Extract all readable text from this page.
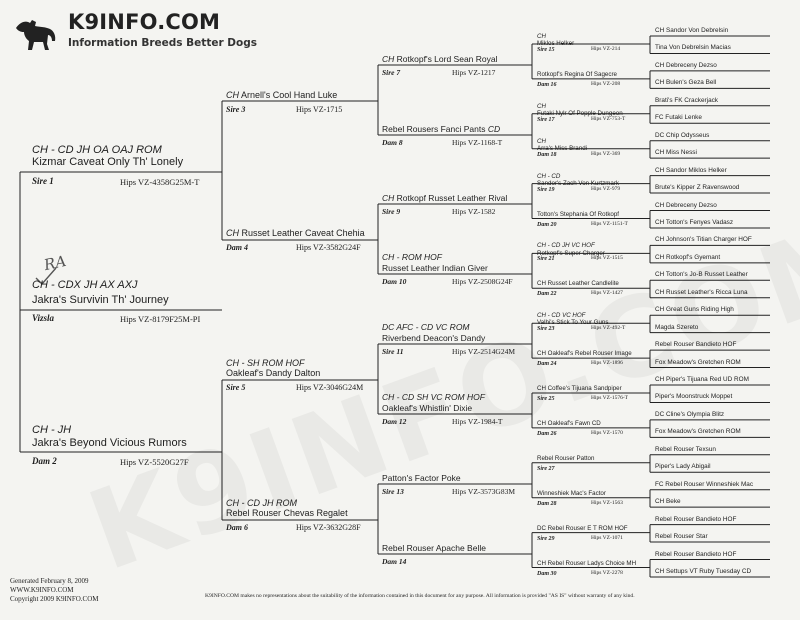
K9INFO.COM
Information Breeds Better Dogs
RA
CH - CDX JH AX AXJ
Jakra's Survivin Th' Journey
Vizsla	Hips VZ-8179F25M-PI
CH - CD JH OA OAJ ROM
Kizmar Caveat Only Th' Lonely
Sire 1	Hips VZ-4358G25M-T
CH - JH
Jakra's Beyond Vicious Rumors
Dam 2	Hips VZ-5520G27F
CH Arnell's Cool Hand Luke
Sire 3	Hips VZ-1715
CH Russet Leather Caveat Chehia
Dam 4	Hips VZ-3582G24F
CH - SH ROM HOF
Oakleaf's Dandy Dalton
Sire 5	Hips VZ-3046G24M
CH - CD JH ROM
Rebel Rouser Chevas Regalet
Dam 6	Hips VZ-3632G28F
CH Rotkopf's Lord Sean Royal
Sire 7	Hips VZ-1217
Rebel Rousers Fanci Pants CD
Dam 8	Hips VZ-1168-T
CH Rotkopf Russet Leather Rival
Sire 9	Hips VZ-1582
CH - ROM HOF
Russet Leather Indian Giver
Dam 10	Hips VZ-2508G24F
DC AFC - CD VC ROM
Riverbend Deacon's Dandy
Sire 11	Hips VZ-2514G24M
CH - CD SH VC ROM HOF
Oakleaf's Whistlin' Dixie
Dam 12	Hips VZ-1984-T
Patton's Factor Poke
Sire 13	Hips VZ-3573G83M
Rebel Rouser Apache Belle
Dam 14
CH
Miklos Helker
Sire 15	Hips VZ-214
Rotkopf's Regina Of Sagecre
Dam 16	Hips VZ-208
CH
Futaki Nylr Of Popple Dungeon
Sire 17	Hips VZ-753-T
CH
Arra's Miss Brandi
Dam 18	Hips VZ-369
CH - CD
Sandor's Zach Von Kurtzmark
Sire 19	Hips VZ-979
Totton's Stephania Of Rotkopf
Dam 20	Hips VZ-1151-T
CH - CD JH VC HOF
Rotkopf's Super Charger
Sire 21	Hips VZ-1515
CH Russet Leather Candlelite
Dam 22	Hips VZ-1427
CH - CD VC HOF
Valhi's Stick To Your Guns
Sire 23	Hips VZ-492-T
CH Oakleaf's Rebel Rouser Image
Dam 24	Hips VZ-1896
CH Coffee's Tijuana Sandpiper
Sire 25	Hips VZ-1576-T
CH Oakleaf's Fawn CD
Dam 26	Hips VZ-1570
Rebel Rouser Patton
Sire 27
Winneshiek Mac's Factor
Dam 28	Hips VZ-1563
DC Rebel Rouser E T ROM HOF
Sire 29	Hips VZ-1071
CH Rebel Rouser Ladys Choice MH
Dam 30	Hips VZ-2278
CH Sandor Von Debrelsin
Tina Von Debrelsin Macias
CH Debreceny Dezso
CH Bulen's Geza Bell
Brati's FK Crackerjack
FC Futaki Lenke
DC Chip Odysseus
CH Miss Nessi
CH Sandor Miklos Helker
Brute's Kipper Z Ravenswood
CH Debreceny Dezso
CH Totton's Fenyes Vadasz
CH Johnson's Titian Charger HOF
CH Rotkopf's Gyemant
CH Totton's Jo-B Russet Leather
CH Russet Leather's Ricca Luna
CH Great Guns Riding High
Magda Szereto
Rebel Rouser Bandieto HOF
Fox Meadow's Gretchen ROM
CH Piper's Tijuana Red UD ROM
Piper's Moonstruck Moppet
DC Cline's Olympia Blitz
Fox Meadow's Gretchen ROM
Rebel Rouser Texsun
Piper's Lady Abigail
FC Rebel Rouser Winneshiek Mac
CH Beke
Rebel Rouser Bandieto HOF
Rebel Rouser Star
Rebel Rouser Bandieto HOF
CH Settups VT Ruby Tuesday CD
Generated February 8, 2009
WWW.K9INFO.COM
Copyright 2009 K9INFO.COM	K9INFO.COM makes no representations about the suitability of the information contained in this document for any purpose. All information is provided "AS IS" without warranty of any kind.
